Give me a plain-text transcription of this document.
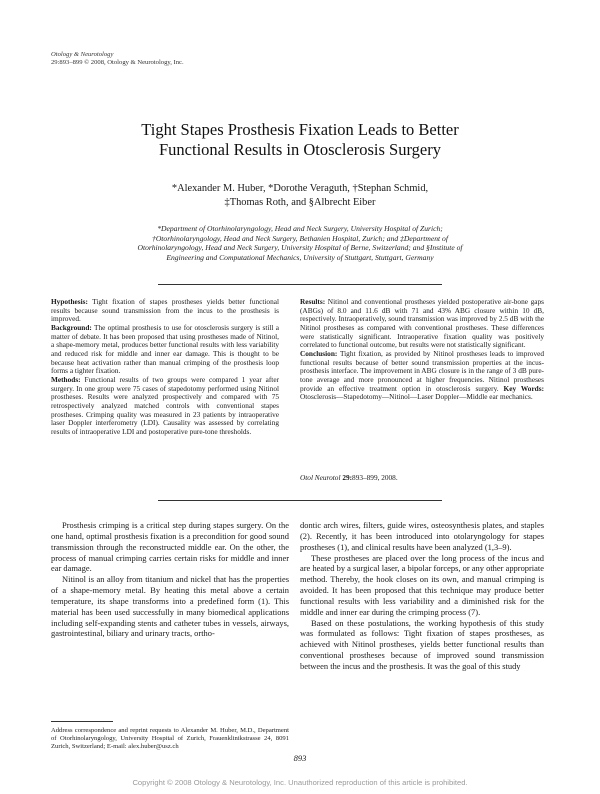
Otology & Neurotology
29:893–899 © 2008, Otology & Neurotology, Inc.
Tight Stapes Prosthesis Fixation Leads to Better
Functional Results in Otosclerosis Surgery
*Alexander M. Huber, *Dorothe Veraguth, †Stephan Schmid,
‡Thomas Roth, and §Albrecht Eiber
*Department of Otorhinolaryngology, Head and Neck Surgery, University Hospital of Zurich;
†Otorhinolaryngology, Head and Neck Surgery, Bethanien Hospital, Zurich; and ‡Department of
Otorhinolaryngology, Head and Neck Surgery, University Hospital of Berne, Switzerland; and §Institute of
Engineering and Computational Mechanics, University of Stuttgart, Stuttgart, Germany

Hypothesis: Tight fixation of stapes prostheses yields better functional results because sound transmission from the incus to the prosthesis is improved.

Background: The optimal prosthesis to use for otosclerosis surgery is still a matter of debate. It has been proposed that using prostheses made of Nitinol, a shape-memory metal, produces better functional results with less variability and reduced risk for middle and inner ear damage. This is thought to be because heat activation rather than manual crimping of the prosthesis loop forms a tighter fixation.

Methods: Functional results of two groups were compared 1 year after surgery. In one group were 75 cases of stapedotomy performed using Nitinol prostheses. Results were analyzed prospectively and compared with 75 retrospectively analyzed matched controls with conventional stapes prostheses. Crimping quality was measured in 23 patients by intraoperative laser Doppler interferometry (LDI). Causality was assessed by correlating results of intraoperative LDI and postoperative pure-tone thresholds.

Results: Nitinol and conventional prostheses yielded postoperative air-bone gaps (ABGs) of 8.0 and 11.6 dB with 71 and 43% ABG closure within 10 dB, respectively. Intraoperatively, sound transmission was improved by 2.5 dB with the Nitinol prostheses as compared with conventional prostheses. These differences were statistically significant. Intraoperative fixation quality was positively correlated to functional outcome, but results were not statistically significant.

Conclusion: Tight fixation, as provided by Nitinol prostheses leads to improved functional results because of better sound transmission properties at the incus-prosthesis interface. The improvement in ABG closure is in the range of 3 dB pure-tone average and more pronounced at higher frequencies. Nitinol prostheses provide an effective treatment option in otosclerosis surgery. Key Words: Otosclerosis—Stapedotomy—Nitinol—Laser Doppler—Middle ear mechanics.

Otol Neurotol 29:893–899, 2008.

Prosthesis crimping is a critical step during stapes surgery. On the one hand, optimal prosthesis fixation is a precondition for good sound transmission through the reconstructed middle ear. On the other, the process of manual crimping carries certain risks for middle and inner ear damage.

Nitinol is an alloy from titanium and nickel that has the properties of a shape-memory metal. By heating this metal above a certain temperature, its shape transforms into a predefined form (1). This material has been used successfully in many biomedical applications including self-expanding stents and catheter tubes in vessels, airways, gastrointestinal, biliary and urinary tracts, ortho-

Address correspondence and reprint requests to Alexander M. Huber, M.D., Department of Otorhinolaryngology, University Hospital of Zurich, Frauenklinikstrasse 24, 8091 Zurich, Switzerland; E-mail: alex.huber@usz.ch

dontic arch wires, filters, guide wires, osteosynthesis plates, and staples (2). Recently, it has been introduced into otolaryngology for stapes prostheses (1), and clinical results have been analyzed (1,3–9).

These prostheses are placed over the long process of the incus and are heated by a surgical laser, a bipolar forceps, or any other appropriate method. Thereby, the hook closes on its own, and manual crimping is avoided. It has been proposed that this technique may produce better functional results with less variability and a diminished risk for the middle and inner ear during the crimping process (7).

Based on these postulations, the working hypothesis of this study was formulated as follows: Tight fixation of stapes prostheses, as achieved with Nitinol prostheses, yields better functional results than conventional prostheses because of improved sound transmission between the incus and the prosthesis. It was the goal of this study

893
Copyright © 2008 Otology & Neurotology, Inc. Unauthorized reproduction of this article is prohibited.
